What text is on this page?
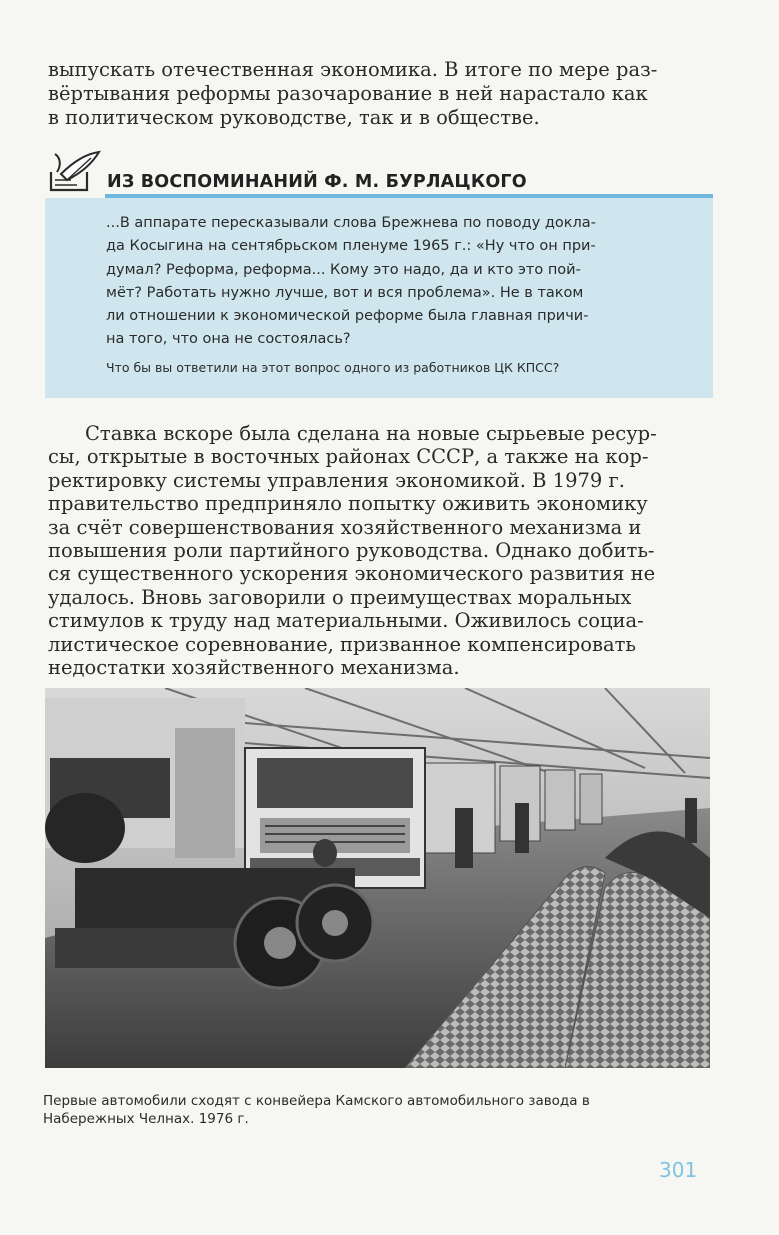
выпускать отечественная экономика. В итоге по мере раз-
вёртывания реформы разочарование в ней нарастало как
в политическом руководстве, так и в обществе.
ИЗ ВОСПОМИНАНИЙ Ф. М. БУРЛАЦКОГО
...В аппарате пересказывали слова Брежнева по поводу докла-
да Косыгина на сентябрьском пленуме 1965 г.: «Ну что он при-
думал? Реформа, реформа... Кому это надо, да и кто это пой-
мёт? Работать нужно лучше, вот и вся проблема». Не в таком
ли отношении к экономической реформе была главная причи-
на того, что она не состоялась?
Что бы вы ответили на этот вопрос одного из работников ЦК КПСС?
Ставка вскоре была сделана на новые сырьевые ресур-
сы, открытые в восточных районах СССР, а также на кор-
ректировку системы управления экономикой. В 1979 г.
правительство предприняло попытку оживить экономику
за счёт совершенствования хозяйственного механизма и
повышения роли партийного руководства. Однако добить-
ся существенного ускорения экономического развития не
удалось. Вновь заговорили о преимуществах моральных
стимулов к труду над материальными. Оживилось социа-
листическое соревнование, призванное компенсировать
недостатки хозяйственного механизма.
Первые автомобили сходят с конвейера Камского автомобильного завода в
Набережных Челнах. 1976 г.
301
